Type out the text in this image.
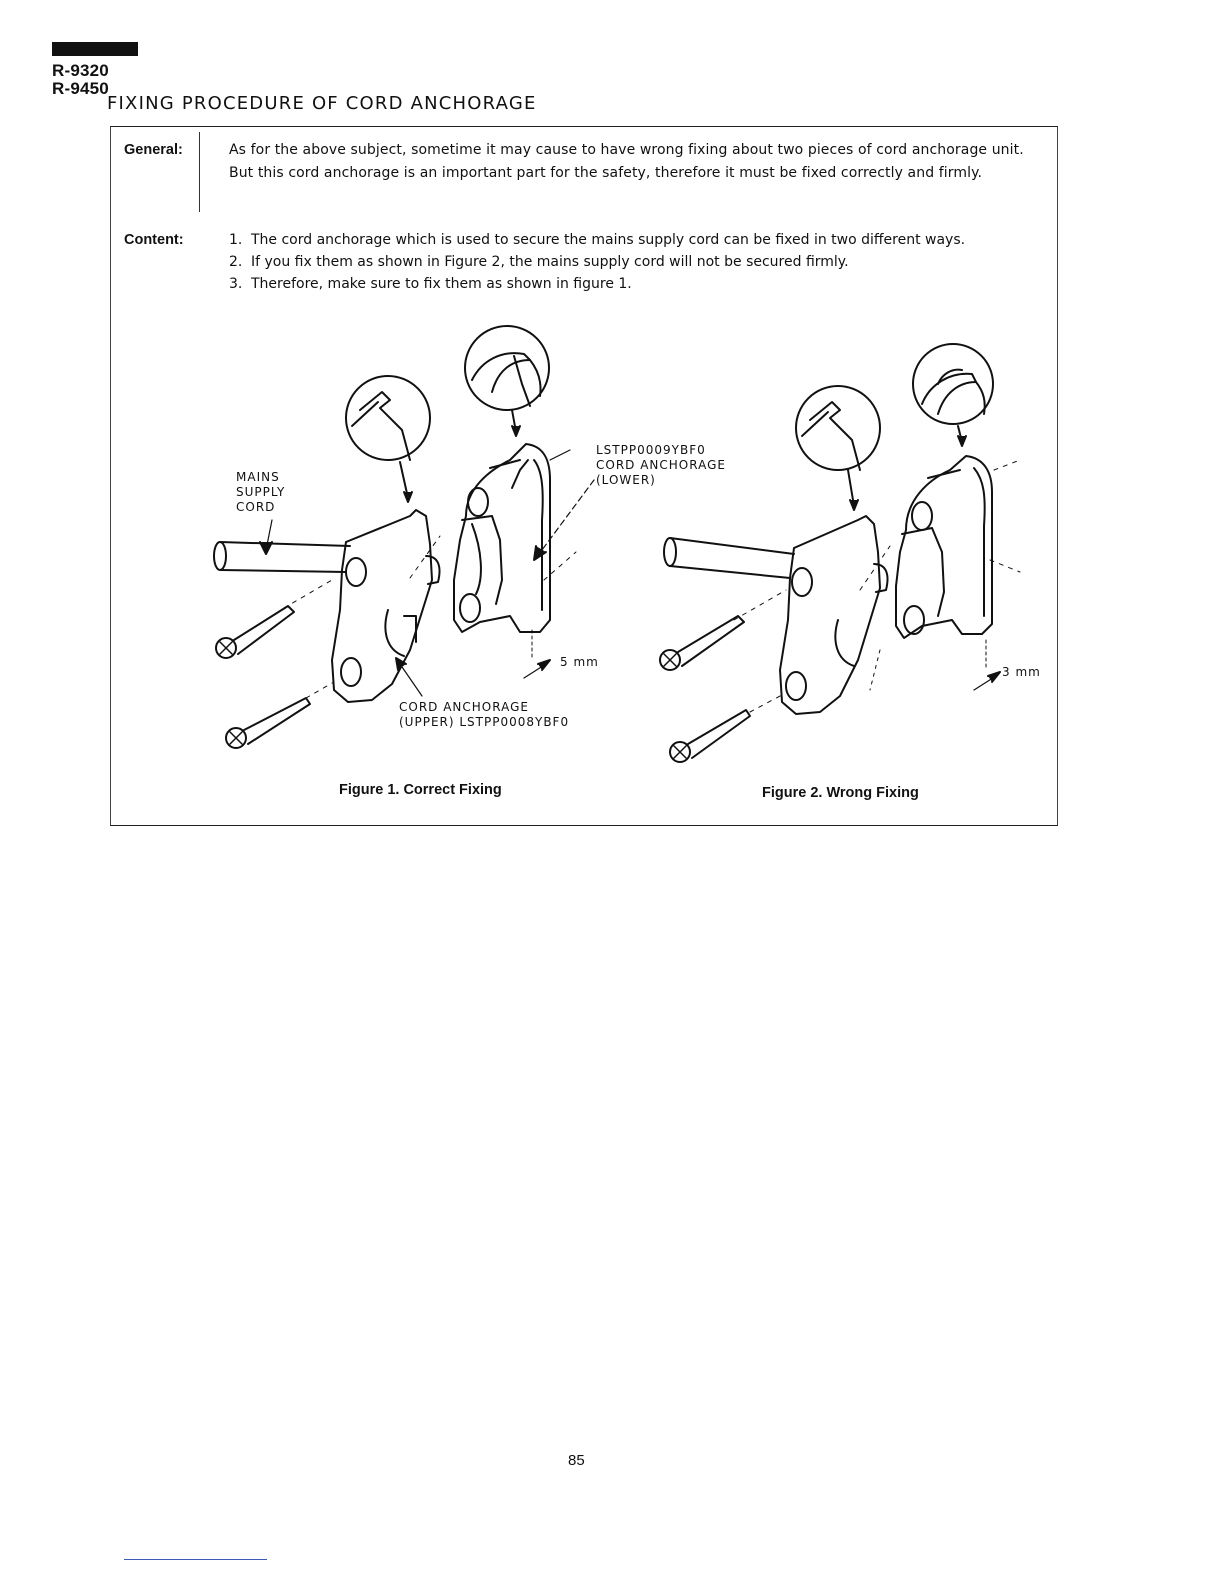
R-9320
R-9450
FIXING PROCEDURE OF CORD ANCHORAGE
General:	As for the above subject, sometime it may cause to have wrong fixing about two pieces of cord anchorage unit. But this cord anchorage is an important part for the safety, therefore it must be fixed correctly and firmly.
Content:	1. The cord anchorage which is used to secure the mains supply cord can be fixed in two different ways.
2. If you fix them as shown in Figure 2, the mains supply cord will not be secured firmly.
3. Therefore, make sure to fix them as shown in figure 1.
MAINS
SUPPLY
CORD
LSTPP0009YBF0
CORD ANCHORAGE
(LOWER)
CORD ANCHORAGE
(UPPER) LSTPP0008YBF0
5 mm
3 mm
Figure 1. Correct Fixing	Figure 2. Wrong Fixing
85
